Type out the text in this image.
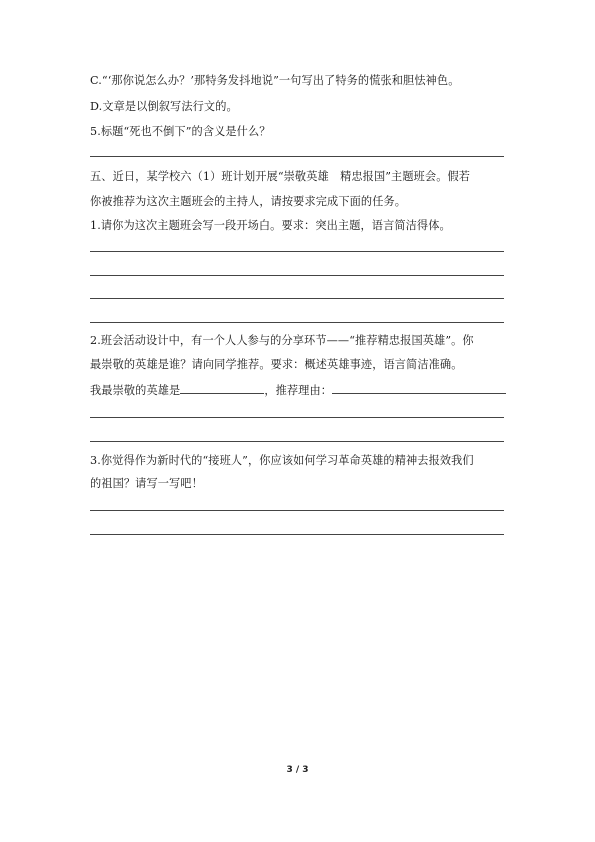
C.“‘那你说怎么办？’那特务发抖地说”一句写出了特务的慌张和胆怯神色。
D.文章是以倒叙写法行文的。
5.标题“死也不倒下”的含义是什么？
五、近日，某学校六（1）班计划开展“崇敬英雄　精忠报国”主题班会。假若
你被推荐为这次主题班会的主持人，请按要求完成下面的任务。
1.请你为这次主题班会写一段开场白。要求：突出主题，语言简洁得体。
2.班会活动设计中，有一个人人参与的分享环节——“推荐精忠报国英雄”。你
最崇敬的英雄是谁？请向同学推荐。要求：概述英雄事迹，语言简洁准确。
我最崇敬的英雄是	，推荐理由：
3.你觉得作为新时代的“接班人”，你应该如何学习革命英雄的精神去报效我们
的祖国？请写一写吧！
3 / 3
